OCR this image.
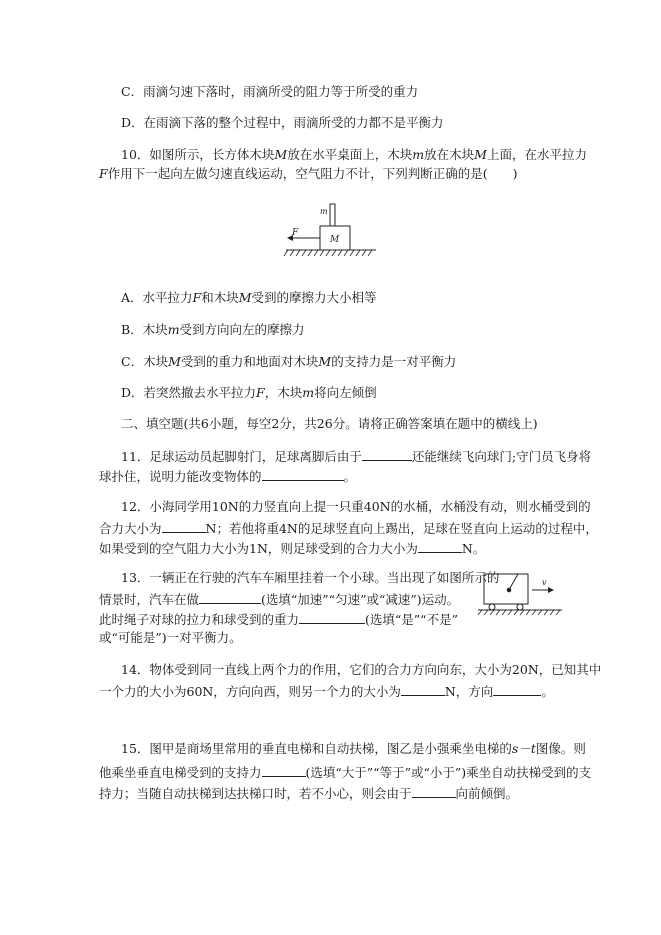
C．雨滴匀速下落时，雨滴所受的阻力等于所受的重力
D．在雨滴下落的整个过程中，雨滴所受的力都不是平衡力
10．如图所示，长方体木块M放在水平桌面上，木块m放在木块M上面，在水平拉力
F作用下一起向左做匀速直线运动，空气阻力不计，下列判断正确的是(　　)
m
M
F
A．水平拉力F和木块M受到的摩擦力大小相等
B．木块m受到方向向左的摩擦力
C．木块M受到的重力和地面对木块M的支持力是一对平衡力
D．若突然撤去水平拉力F，木块m将向左倾倒
二、填空题(共6小题，每空2分，共26分。请将正确答案填在题中的横线上)
11．足球运动员起脚射门，足球离脚后由于	还能继续飞向球门;守门员飞身将
球扑住，说明力能改变物体的	。
12．小海同学用10N的力竖直向上提一只重40N的水桶，水桶没有动，则水桶受到的
合力大小为	N；若他将重4N的足球竖直向上踢出，足球在竖直向上运动的过程中，
如果受到的空气阻力大小为1N，则足球受到的合力大小为	N。
13．一辆正在行驶的汽车车厢里挂着一个小球。当出现了如图所示的
情景时，汽车在做	(选填“加速”“匀速”或“减速”)运动。
此时绳子对球的拉力和球受到的重力	(选填“是”“不是”
或“可能是”)一对平衡力。
v
14．物体受到同一直线上两个力的作用，它们的合力方向向东，大小为20N，已知其中
一个力的大小为60N，方向向西，则另一个力的大小为	N，方向	。
15．图甲是商场里常用的垂直电梯和自动扶梯，图乙是小强乘坐电梯的s－t图像。则
他乘坐垂直电梯受到的支持力	(选填“大于”“等于”或“小于”)乘坐自动扶梯受到的支
持力；当随自动扶梯到达扶梯口时，若不小心，则会由于	向前倾倒。
